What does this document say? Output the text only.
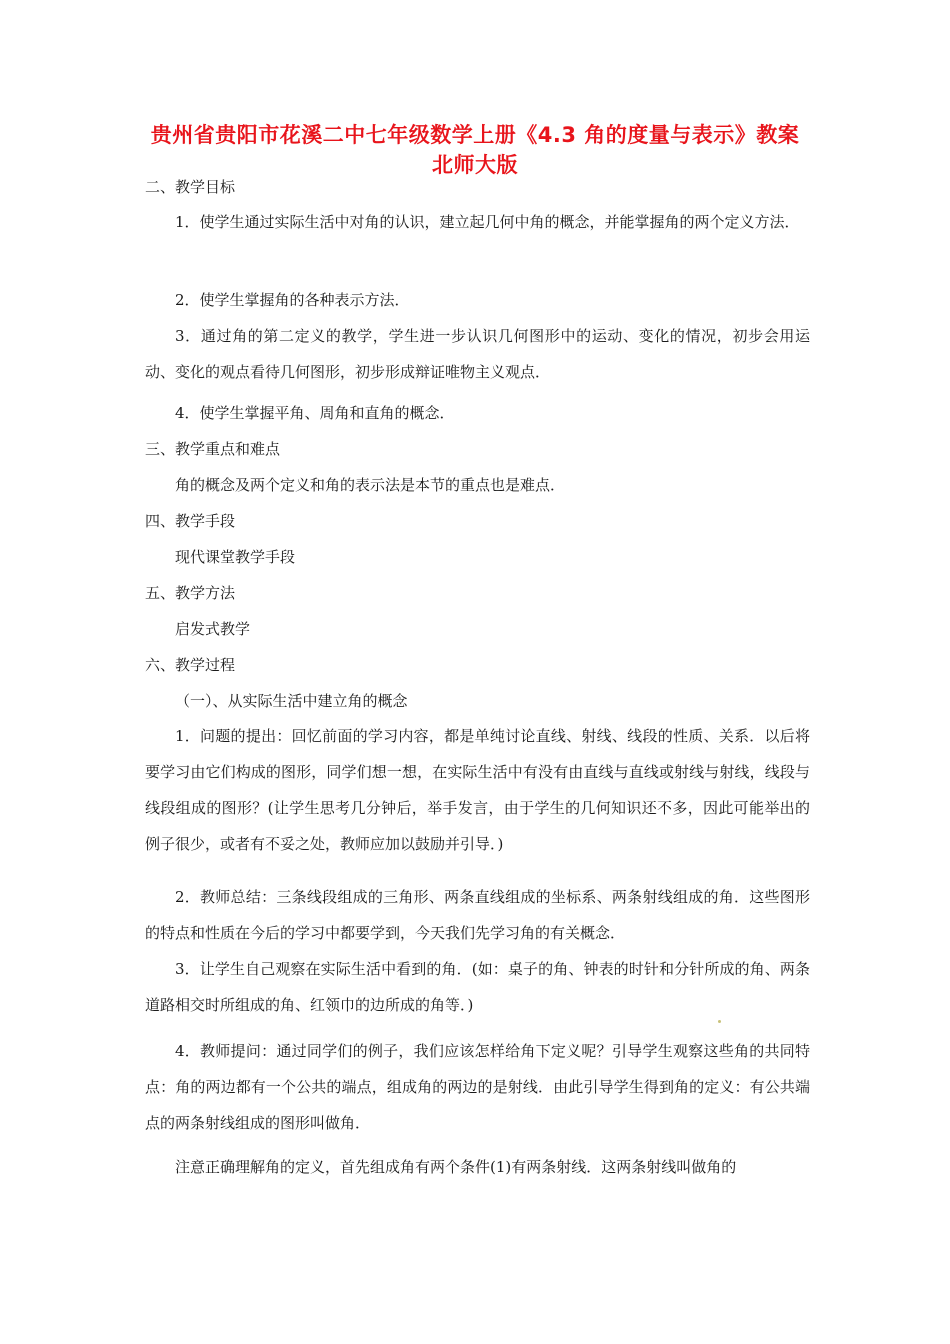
贵州省贵阳市花溪二中七年级数学上册《4.3 角的度量与表示》教案 北师大版
二、教学目标
1．使学生通过实际生活中对角的认识，建立起几何中角的概念，并能掌握角的两个定义方法．
2．使学生掌握角的各种表示方法．
3．通过角的第二定义的教学，学生进一步认识几何图形中的运动、变化的情况，初步会用运动、变化的观点看待几何图形，初步形成辩证唯物主义观点．
4．使学生掌握平角、周角和直角的概念．
三、教学重点和难点
角的概念及两个定义和角的表示法是本节的重点也是难点．
四、教学手段
现代课堂教学手段
五、教学方法
启发式教学
六、教学过程
（一）、从实际生活中建立角的概念
1．问题的提出：回忆前面的学习内容，都是单纯讨论直线、射线、线段的性质、关系．以后将要学习由它们构成的图形，同学们想一想，在实际生活中有没有由直线与直线或射线与射线，线段与线段组成的图形？(让学生思考几分钟后，举手发言，由于学生的几何知识还不多，因此可能举出的例子很少，或者有不妥之处，教师应加以鼓励并引导．)
2．教师总结：三条线段组成的三角形、两条直线组成的坐标系、两条射线组成的角．这些图形的特点和性质在今后的学习中都要学到，今天我们先学习角的有关概念．
3．让学生自己观察在实际生活中看到的角．(如：桌子的角、钟表的时针和分针所成的角、两条道路相交时所组成的角、红领巾的边所成的角等．)
4．教师提问：通过同学们的例子，我们应该怎样给角下定义呢？引导学生观察这些角的共同特点：角的两边都有一个公共的端点，组成角的两边的是射线．由此引导学生得到角的定义：有公共端点的两条射线组成的图形叫做角．
注意正确理解角的定义，首先组成角有两个条件(1)有两条射线．这两条射线叫做角的
